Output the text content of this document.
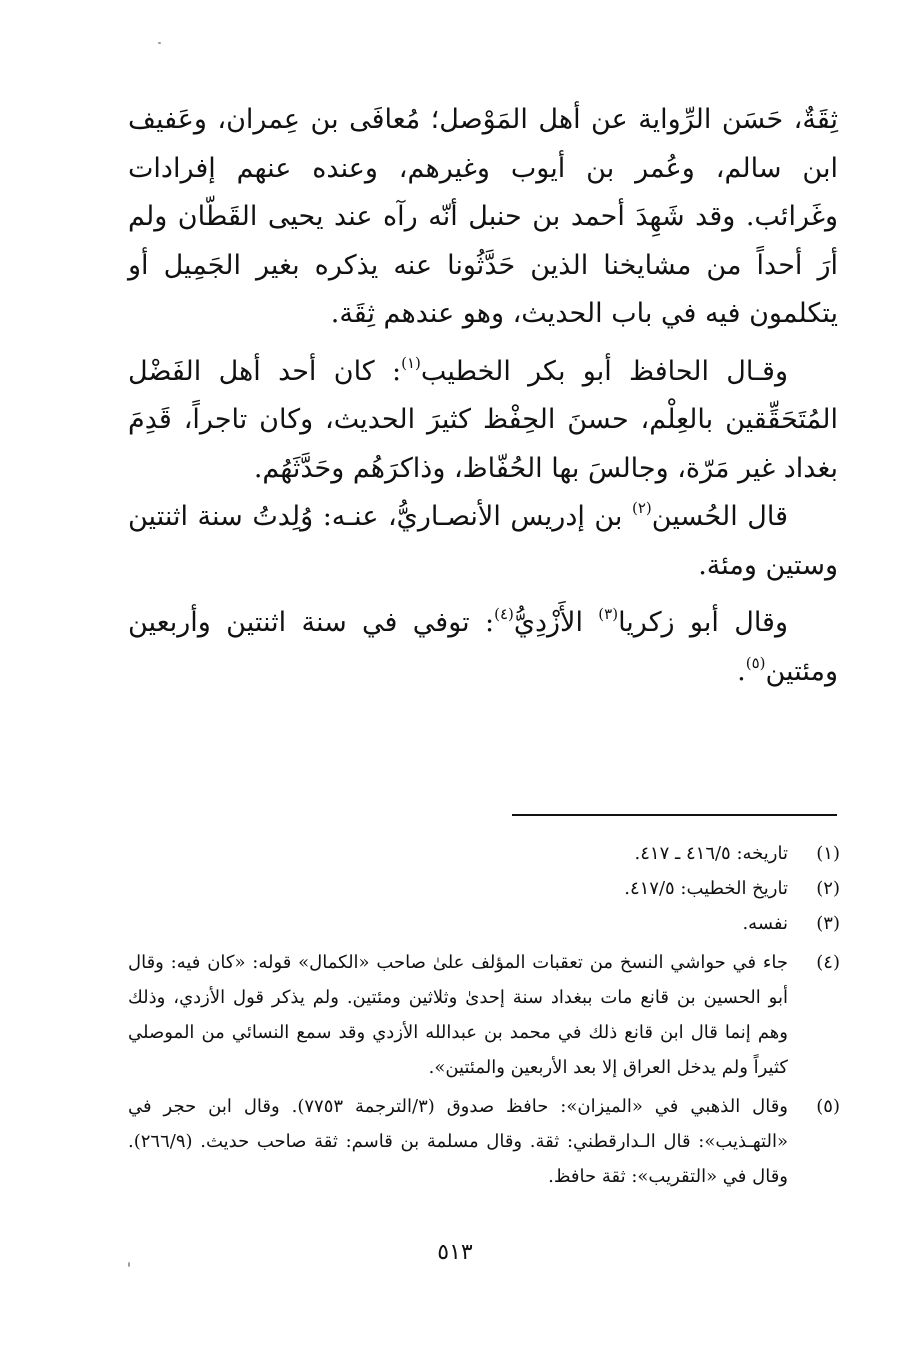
ثِقَةٌ، حَسَن الرِّواية عن أهل المَوْصل؛ مُعافَى بن عِمران، وعَفيف ابن سالم، وعُمر بن أيوب وغيرهم، وعنده عنهم إفرادات وغَرائب. وقد شَهِدَ أحمد بن حنبل أنّه رآه عند يحيى القَطّان ولم أرَ أحداً من مشايخنا الذين حَدَّثُونا عنه يذكره بغير الجَمِيل أو يتكلمون فيه في باب الحديث، وهو عندهم ثِقَة.

وقـال الحافظ أبو بكر الخطيب$^{(١)}$: كان أحد أهل الفَضْل المُتَحَقِّقين بالعِلْم، حسنَ الحِفْظ كثيرَ الحديث، وكان تاجراً، قَدِمَ بغداد غير مَرّة، وجالسَ بها الحُفّاظ، وذاكرَهُم وحَدَّثَهُم.

قال الحُسين$^{(٢)}$ بن إدريس الأنصـاريُّ، عنـه: وُلِدتُ سنة اثنتين وستين ومئة.

وقال أبو زكريا$^{(٣)}$ الأَزْدِيُّ$^{(٤)}$: توفي في سنة اثنتين وأربعين ومئتين$^{(٥)}$.

(١)
تاريخه: ٤١٦/٥ ـ ٤١٧.
(٢)
تاريخ الخطيب: ٤١٧/٥.
(٣)
نفسه.
(٤)
جاء في حواشي النسخ من تعقبات المؤلف علىٰ صاحب «الكمال» قوله: «كان فيه: وقال أبو الحسين بن قانع مات ببغداد سنة إحدىٰ وثلاثين ومئتين. ولم يذكر قول الأزدي، وذلك وهم إنما قال ابن قانع ذلك في محمد بن عبدالله الأزدي وقد سمع النسائي من الموصلي كثيراً ولم يدخل العراق إلا بعد الأربعين والمئتين».
(٥)
وقال الذهبي في «الميزان»: حافظ صدوق (٣/الترجمة ٧٧٥٣). وقال ابن حجر في «التهـذيب»: قال الـدارقطني: ثقة. وقال مسلمة بن قاسم: ثقة صاحب حديث. (٢٦٦/٩). وقال في «التقريب»: ثقة حافظ.
٥١٣
